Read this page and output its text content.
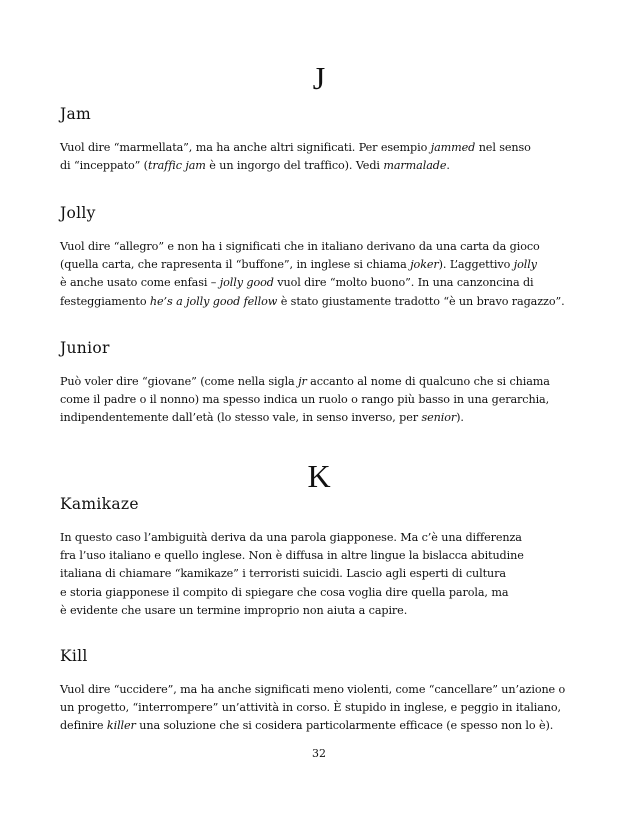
J
Jam
Vuol dire “marmellata”, ma ha anche altri significati. Per esempio jammed nel senso
di “inceppato” (traffic jam è un ingorgo del traffico). Vedi marmalade.
Jolly
Vuol dire “allegro” e non ha i significati che in italiano derivano da una carta da gioco
(quella carta, che rapresenta il “buffone”, in inglese si chiama joker). L’aggettivo jolly
è anche usato come enfasi – jolly good vuol dire “molto buono”. In una canzoncina di
festeggiamento he’s a jolly good fellow è stato giustamente tradotto “è un bravo ragazzo”.
Junior
Può voler dire “giovane” (come nella sigla jr accanto al nome di qualcuno che si chiama
come il padre o il nonno) ma spesso indica un ruolo o rango più basso in una gerarchia,
indipendentemente dall’età (lo stesso vale, in senso inverso, per senior).
K
Kamikaze
In questo caso l’ambiguità deriva da una parola giapponese. Ma c’è una differenza
fra l’uso italiano e quello inglese. Non è diffusa in altre lingue la bislacca abitudine
italiana di chiamare “kamikaze” i terroristi suicidi. Lascio agli esperti di cultura
e storia giapponese il compito di spiegare che cosa voglia dire quella parola, ma
è evidente che usare un termine improprio non aiuta a capire.
Kill
Vuol dire “uccidere”, ma ha anche significati meno violenti, come “cancellare” un’azione o
un progetto, “interrompere” un’attività in corso. È stupido in inglese, e peggio in italiano,
definire killer una soluzione che si cosidera particolarmente efficace (e spesso non lo è).
32
